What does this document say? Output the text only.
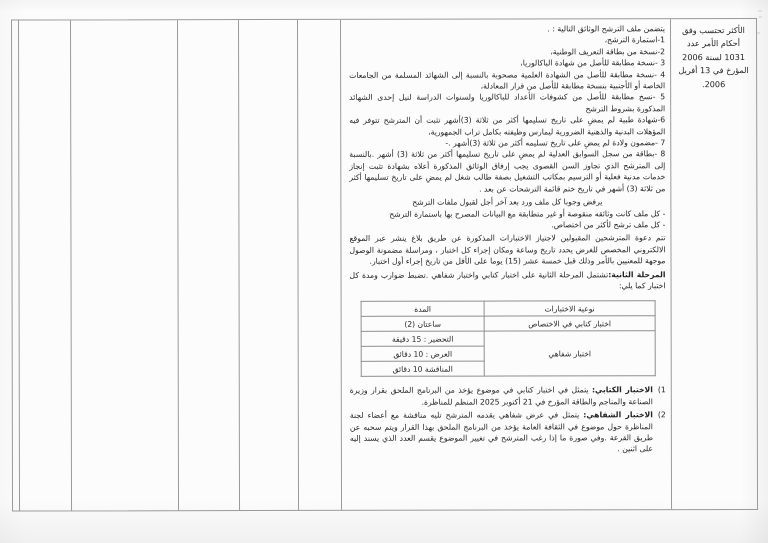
الأكثر تحتسب وفق أحكام الأمر عدد 1031 لسنة 2006 المؤرخ في 13 أفريل 2006.

يتضمن ملف الترشح الوثائق التالية : .

1-استمارة الترشح،

2-نسخة من بطاقة التعريف الوطنية،

3 -نسخة مطابقة للأصل من شهادة الباكالوريا،

4 -نسخة مطابقة للأصل من الشهادة العلمية مصحوبة بالنسبة إلى الشهائد المسلمة من الجامعات الخاصة أو الأجنبية بنسخة مطابقة للأصل من قرار المعادلة،

5 -نسخ مطابقة للأصل من كشوفات الأعداد للباكالوريا ولسنوات الدراسة لنيل إحدى الشهائد المذكورة بشروط الترشح

6-شهادة طبية لم يمضِ على تاريخ تسليمها أكثر من ثلاثة (3)أشهر تثبت أن المترشح تتوفر فيه المؤهلات البدنية والذهنية الضرورية ليمارس وظيفته بكامل تراب الجمهورية،

7 -مضمون ولادة لم يمضِ على تاريخ تسليمه أكثر من ثلاثة (3)أشهر .-

8 -بطاقة من سجل السوابق العدلية لم يمضِ على تاريخ تسليمها أكثر من ثلاثة (3) أشهر .بالنسبة إلى المترشح الذي تجاوز السن القصوى يجب إرفاق الوثائق المذكورة أعلاه بشهادة تثبت إنجاز خدمات مدنية فعلية أو الترسيم بمكاتب التشغيل بصفة طالب شغل لم يمضِ على تاريخ تسليمها أكثر من ثلاثة (3) أشهر في تاريخ ختم قائمة الترشحات عن بعد .

يرفض وجوبا كل ملف ورد بعد آخر أجل لقبول ملفات الترشح

- كل ملف كانت وثائقه منقوصة أو غير متطابقة مع البيانات المصرح بها باستمارة الترشح

- كل ملف ترشح لأكثر من اختصاص.

تتم دعوة المترشحين المقبولين لاجتياز الاختبارات المذكورة عن طريق بلاغ ينشر عبر الموقع الالكتروني المخصص للغرض يحدد تاريخ وساعة ومكان إجراء كل اختبار ، ومراسلة مضمونة الوصول موجهة للمعنيين بالأمر وذلك قبل خمسة عشر (15) يوما على الأقل من تاريخ إجراء أول اختبار.

المرحلة الثانية:تشتمل المرحلة الثانية على اختبار كتابي واختبار شفاهي .تضبط ضوارب ومدة كل اختبار كما يلي:

نوعية الاختبارات	المدة
اختبار كتابي في الاختصاص	ساعتان (2)
اختبار شفاهي	التحضير : 15 دقيقة
	العرض : 10 دقائق
	المناقشة 10 دقائق
1)
الاختبار الكتابي: يتمثل في اختبار كتابي في موضوع يؤخذ من البرنامج الملحق بقرار وزيرة الصناعة والمناجم والطاقة المؤرخ في 21 أكتوبر 2025 المنظم للمناظرة.
2)
الاختبار الشفاهي: يتمثل في عرض شفاهي يقدمه المترشح تليه مناقشة مع أعضاء لجنة المناظرة حول موضوع في الثقافة العامة يؤخذ من البرنامج الملحق بهذا القرار ويتم سحبه عن طريق القرعة .وفي صورة ما إذا رغب المترشح في تغيير الموضوع يقسم العدد الذي يسند إليه على اثنين .
